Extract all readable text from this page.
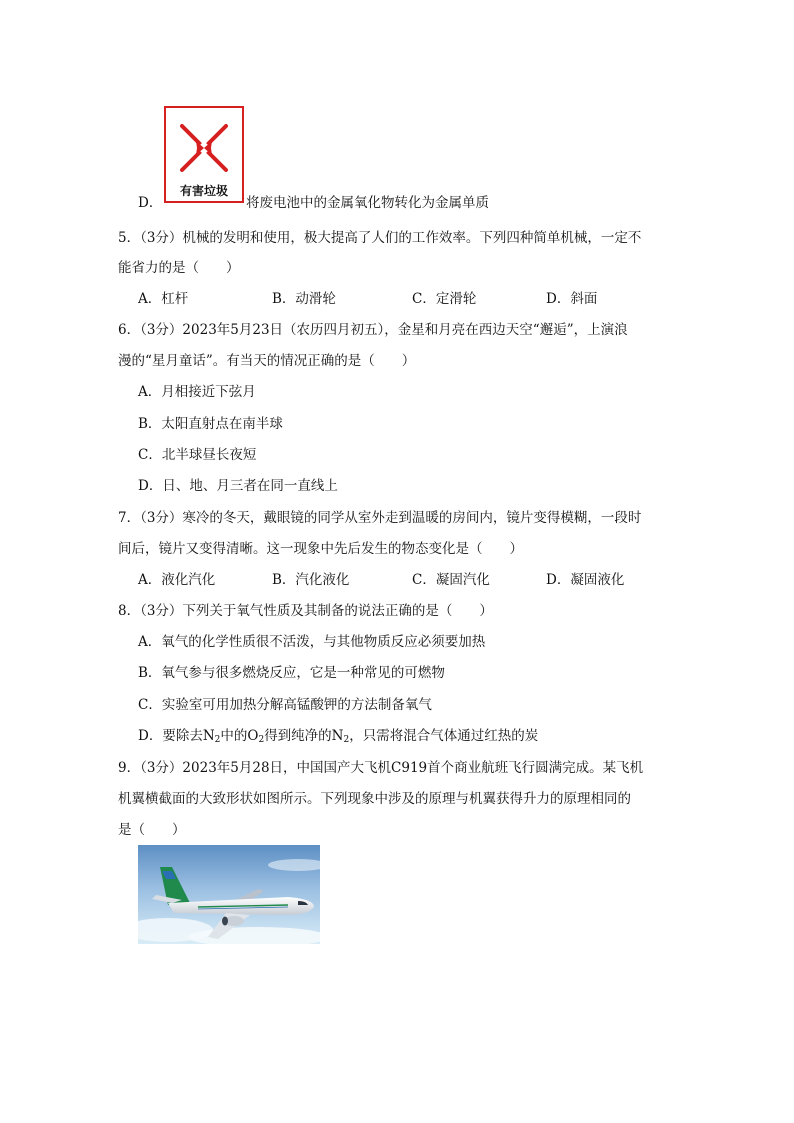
有害垃圾
D．	将废电池中的金属氧化物转化为金属单质
5．（3分）机械的发明和使用，极大提高了人们的工作效率。下列四种简单机械，一定不
能省力的是（　　）
A．杠杆	B．动滑轮	C．定滑轮	D．斜面
6．（3分）2023年5月23日（农历四月初五），金星和月亮在西边天空“邂逅”，上演浪
漫的“星月童话”。有当天的情况正确的是（　　）
A．月相接近下弦月
B．太阳直射点在南半球
C．北半球昼长夜短
D．日、地、月三者在同一直线上
7．（3分）寒冷的冬天，戴眼镜的同学从室外走到温暖的房间内，镜片变得模糊，一段时
间后，镜片又变得清晰。这一现象中先后发生的物态变化是（　　）
A．液化汽化	B．汽化液化	C．凝固汽化	D．凝固液化
8．（3分）下列关于氧气性质及其制备的说法正确的是（　　）
A．氧气的化学性质很不活泼，与其他物质反应必须要加热
B．氧气参与很多燃烧反应，它是一种常见的可燃物
C．实验室可用加热分解高锰酸钾的方法制备氧气
D．要除去$N_2$中的$O_2$得到纯净的$N_2$，只需将混合气体通过红热的炭
9．（3分）2023年5月28日，中国国产大飞机C919首个商业航班飞行圆满完成。某飞机
机翼横截面的大致形状如图所示。下列现象中涉及的原理与机翼获得升力的原理相同的
是（　　）
